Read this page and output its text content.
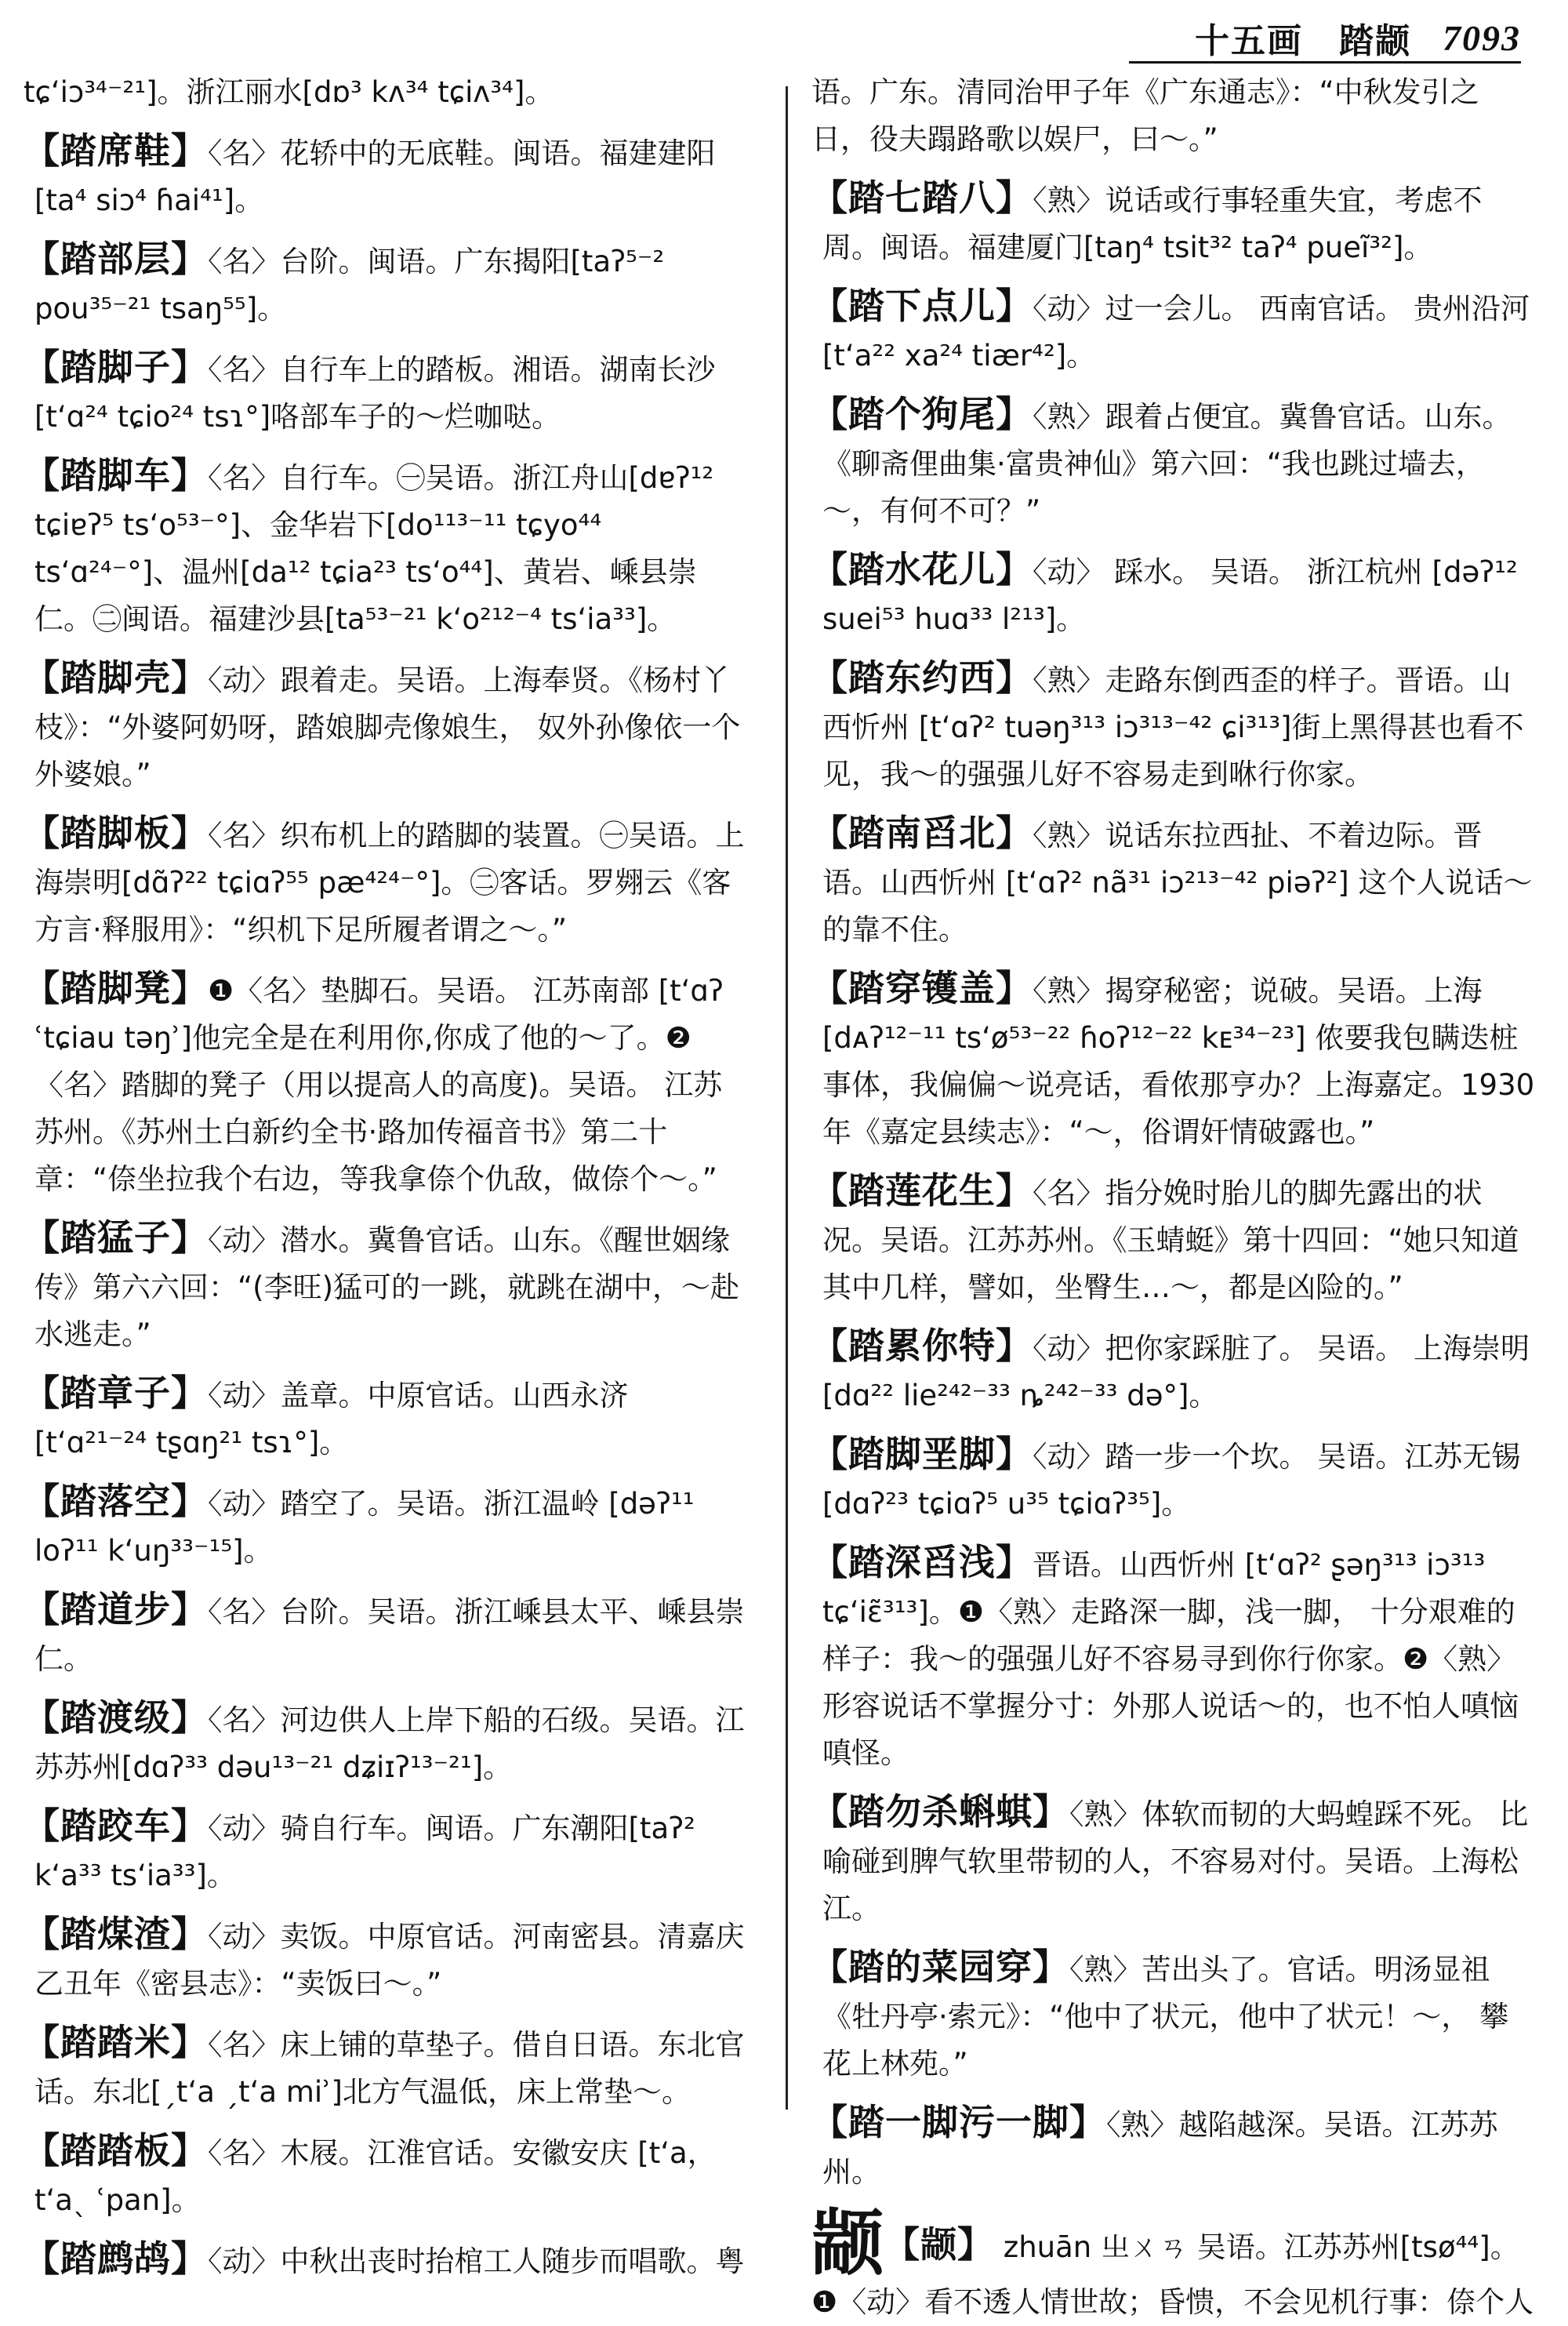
十五画　踏颛 7093

tɕ‘iɔ³⁴⁻²¹]。浙江丽水[dɒ³ kʌ³⁴ tɕiʌ³⁴]。

【踏席鞋】〈名〉花轿中的无底鞋。闽语。福建建阳[ta⁴ siɔ⁴ ɦai⁴¹]。

【踏部层】〈名〉台阶。闽语。广东揭阳[taʔ⁵⁻² pou³⁵⁻²¹ tsaŋ⁵⁵]。

【踏脚子】〈名〉自行车上的踏板。湘语。湖南长沙[t‘ɑ²⁴ tɕio²⁴ tsɿ°]咯部车子的～烂咖哒。

【踏脚车】〈名〉自行车。㊀吴语。浙江舟山[dɐʔ¹² tɕiɐʔ⁵ ts‘o⁵³⁻°]、金华岩下[do¹¹³⁻¹¹ tɕyo⁴⁴ ts‘ɑ²⁴⁻°]、温州[da¹² tɕia²³ ts‘o⁴⁴]、黄岩、嵊县崇仁。㊁闽语。福建沙县[ta⁵³⁻²¹ k‘o²¹²⁻⁴ ts‘ia³³]。

【踏脚壳】〈动〉跟着走。吴语。上海奉贤。《杨村丫枝》：“外婆阿奶呀，踏娘脚壳像娘生， 奴外孙像依一个外婆娘。”

【踏脚板】〈名〉织布机上的踏脚的装置。㊀吴语。上海崇明[dɑ̃ʔ²² tɕiɑʔ⁵⁵ pæ⁴²⁴⁻°]。㊁客话。罗翙云《客方言·释服用》：“织机下足所履者谓之～。”

【踏脚凳】❶〈名〉垫脚石。吴语。 江苏南部 [t‘ɑʔ ʿtɕiau təŋʾ]他完全是在利用你,你成了他的～了。❷〈名〉踏脚的凳子（用以提高人的高度)。吴语。 江苏苏州。《苏州土白新约全书·路加传福音书》第二十章：“倷坐拉我个右边，等我拿倷个仇敌，做倷个～。”

【踏猛子】〈动〉潜水。冀鲁官话。山东。《醒世姻缘传》第六六回：“(李旺)猛可的一跳，就跳在湖中，～赴水逃走。”

【踏章子】〈动〉盖章。中原官话。山西永济 [t‘ɑ²¹⁻²⁴ tʂɑŋ²¹ tsɿ°]。

【踏落空】〈动〉踏空了。吴语。浙江温岭 [dəʔ¹¹ loʔ¹¹ k‘uŋ³³⁻¹⁵]。

【踏道步】〈名〉台阶。吴语。浙江嵊县太平、嵊县崇仁。

【踏渡级】〈名〉河边供人上岸下船的石级。吴语。江苏苏州[dɑʔ³³ dəu¹³⁻²¹ dʑiɪʔ¹³⁻²¹]。

【踏跤车】〈动〉骑自行车。闽语。广东潮阳[taʔ² k‘a³³ ts‘ia³³]。

【踏煤渣】〈动〉卖饭。中原官话。河南密县。清嘉庆乙丑年《密县志》：“卖饭曰～。”

【踏踏米】〈名〉床上铺的草垫子。借自日语。东北官话。东北[ˏt‘a ˏt‘a miʾ]北方气温低，床上常垫～。

【踏踏板】〈名〉木屐。江淮官话。安徽安庆 [t‘a， t‘aˎ ʿpan]。

【踏鹧鸪】〈动〉中秋出丧时抬棺工人随步而唱歌。粤

语。广东。清同治甲子年《广东通志》：“中秋发引之日，役夫蹋路歌以娱尸，曰～。”

【踏七踏八】〈熟〉说话或行事轻重失宜，考虑不周。闽语。福建厦门[taŋ⁴ tsit³² taʔ⁴ pueĩ³²]。

【踏下点儿】〈动〉过一会儿。 西南官话。 贵州沿河 [t‘a²² xa²⁴ tiær⁴²]。

【踏个狗尾】〈熟〉跟着占便宜。冀鲁官话。山东。《聊斋俚曲集·富贵神仙》第六回：“我也跳过墙去，～，有何不可？”

【踏水花儿】〈动〉 踩水。 吴语。 浙江杭州 [dəʔ¹² suei⁵³ huɑ³³ l²¹³]。

【踏东约西】〈熟〉走路东倒西歪的样子。晋语。山西忻州 [t‘ɑʔ² tuəŋ³¹³ iɔ³¹³⁻⁴² ɕi³¹³]街上黑得甚也看不见，我～的强强儿好不容易走到咻行你家。

【踏南舀北】〈熟〉说话东拉西扯、不着边际。晋语。山西忻州 [t‘ɑʔ² nã³¹ iɔ²¹³⁻⁴² piəʔ²] 这个人说话～的靠不住。

【踏穿镬盖】〈熟〉揭穿秘密；说破。吴语。上海 [dᴀʔ¹²⁻¹¹ ts‘ø⁵³⁻²² ɦoʔ¹²⁻²² kᴇ³⁴⁻²³] 侬要我包瞒迭桩事体，我偏偏～说亮话，看侬那亨办？上海嘉定。1930年《嘉定县续志》：“～，俗谓奸情破露也。”

【踏莲花生】〈名〉指分娩时胎儿的脚先露出的状况。吴语。江苏苏州。《玉蜻蜓》第十四回：“她只知道其中几样，譬如，坐臀生…～，都是凶险的。”

【踏累你特】〈动〉把你家踩脏了。 吴语。 上海崇明 [dɑ²² lie²⁴²⁻³³ ȵ²⁴²⁻³³ də°]。

【踏脚垩脚】〈动〉踏一步一个坎。 吴语。江苏无锡 [dɑʔ²³ tɕiɑʔ⁵ u³⁵ tɕiɑʔ³⁵]。

【踏深舀浅】晋语。山西忻州 [t‘ɑʔ² ʂəŋ³¹³ iɔ³¹³ tɕ‘iɛ̃³¹³]。❶〈熟〉走路深一脚，浅一脚， 十分艰难的样子：我～的强强儿好不容易寻到你行你家。❷〈熟〉形容说话不掌握分寸：外那人说话～的，也不怕人嗔恼嗔怪。

【踏勿杀蝌蜞】〈熟〉体软而韧的大蚂蝗踩不死。 比喻碰到脾气软里带韧的人，不容易对付。吴语。上海松江。

【踏的菜园穿】〈熟〉苦出头了。官话。明汤显祖《牡丹亭·索元》：“他中了状元，他中了状元！～， 攀花上林苑。”

【踏一脚污一脚】〈熟〉越陷越深。吴语。江苏苏州。

颛【颛】 zhuān 㞢ㄨㄢ 吴语。江苏苏州[tsø⁴⁴]。❶〈动〉看不透人情世故；昏愦，不会见机行事：倷个人
